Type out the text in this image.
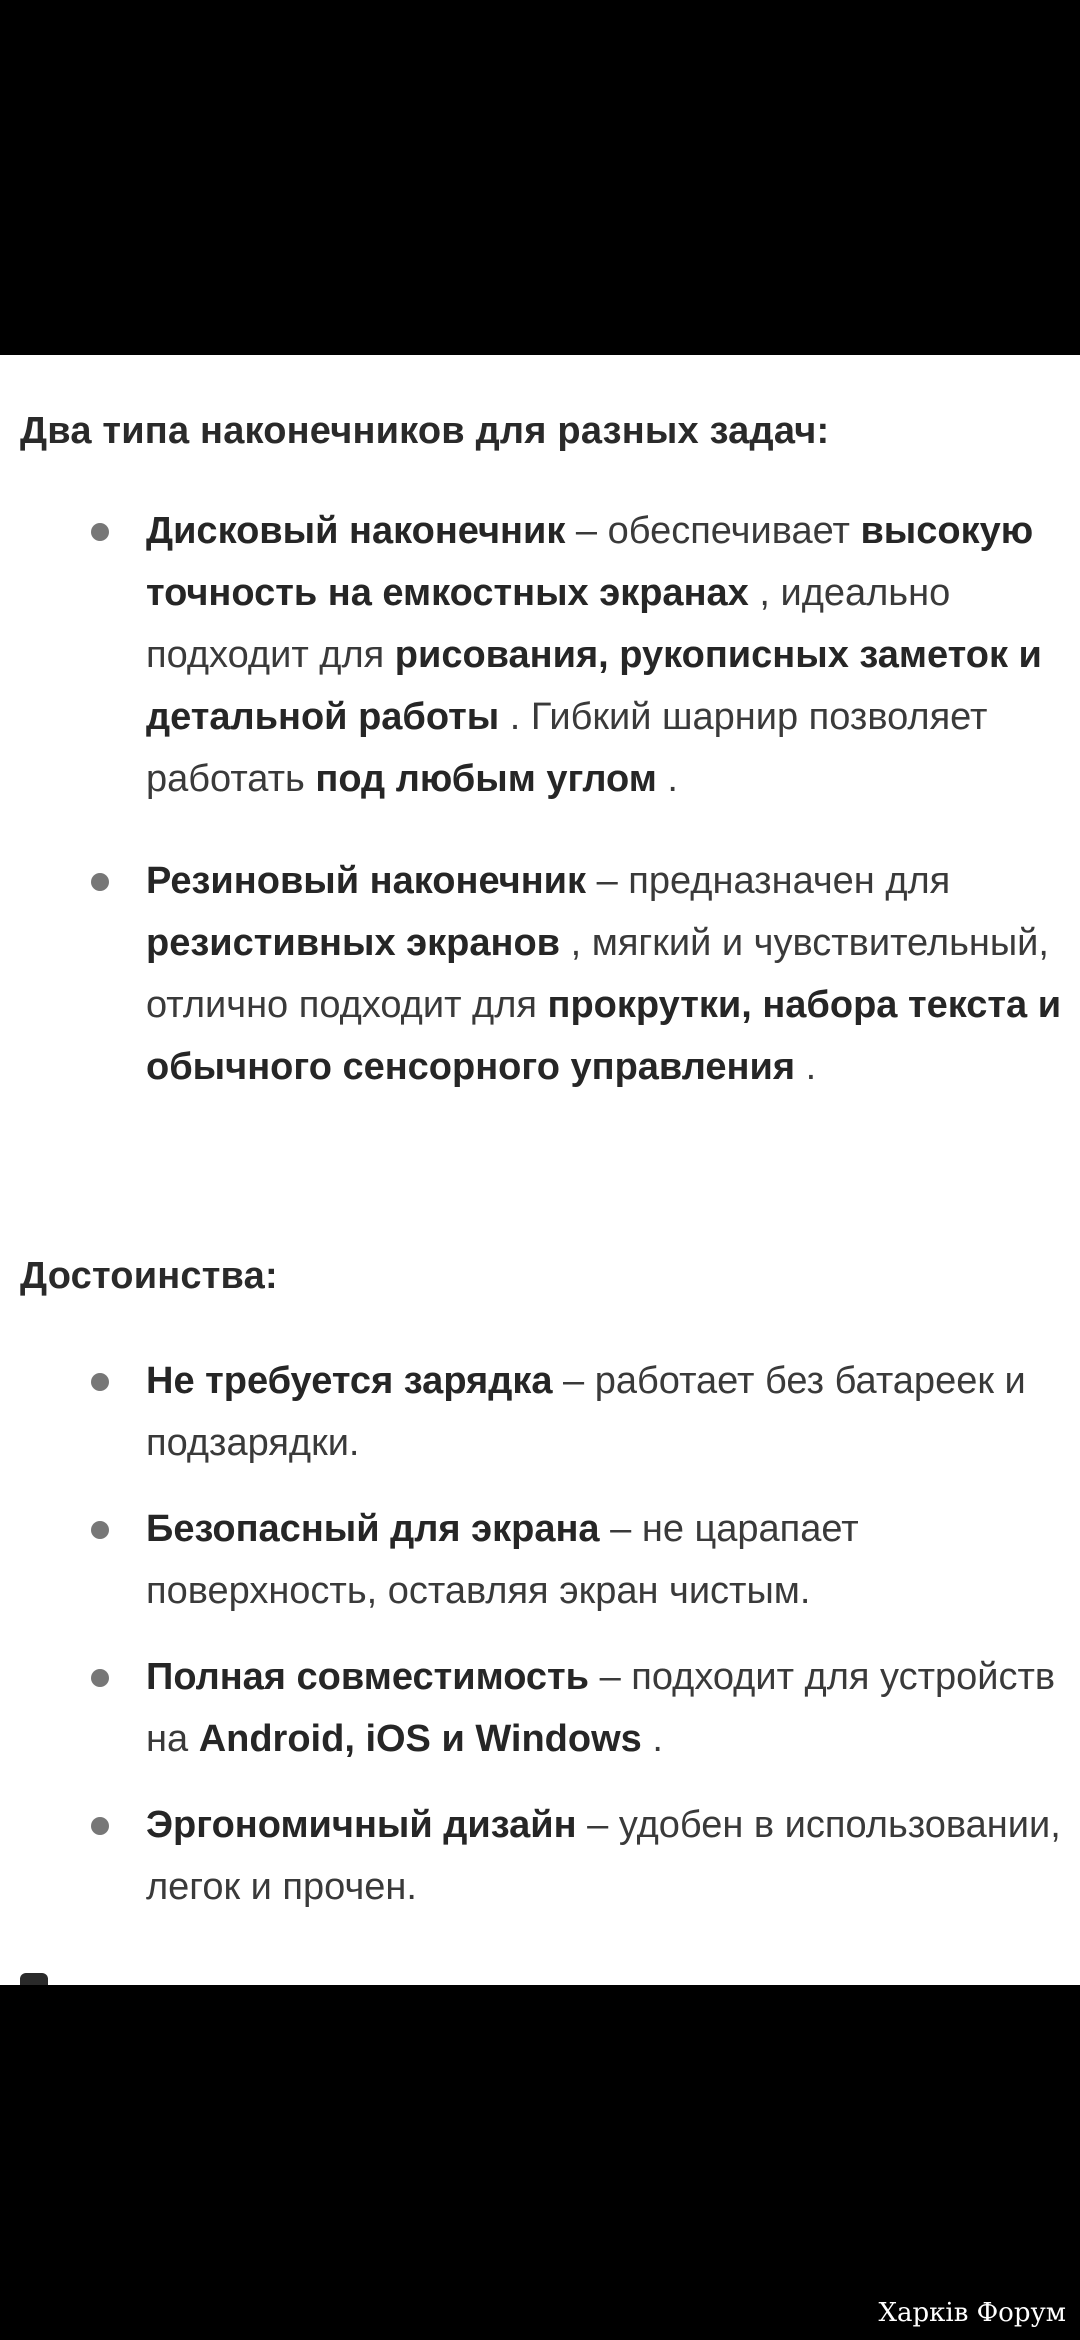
Два типа наконечников для разных задач:
Дисковый наконечник – обеспечивает высокую точность на емкостных экранах , идеально подходит для рисования, рукописных заметок и детальной работы . Гибкий шарнир позволяет работать под любым углом .
Резиновый наконечник – предназначен для резистивных экранов , мягкий и чувствительный, отлично подходит для прокрутки, набора текста и обычного сенсорного управления .
Достоинства:
Не требуется зарядка – работает без батареек и подзарядки.
Безопасный для экрана – не царапает поверхность, оставляя экран чистым.
Полная совместимость – подходит для устройств на Android, iOS и Windows .
Эргономичный дизайн – удобен в использовании, легок и прочен.
Харків Форум
